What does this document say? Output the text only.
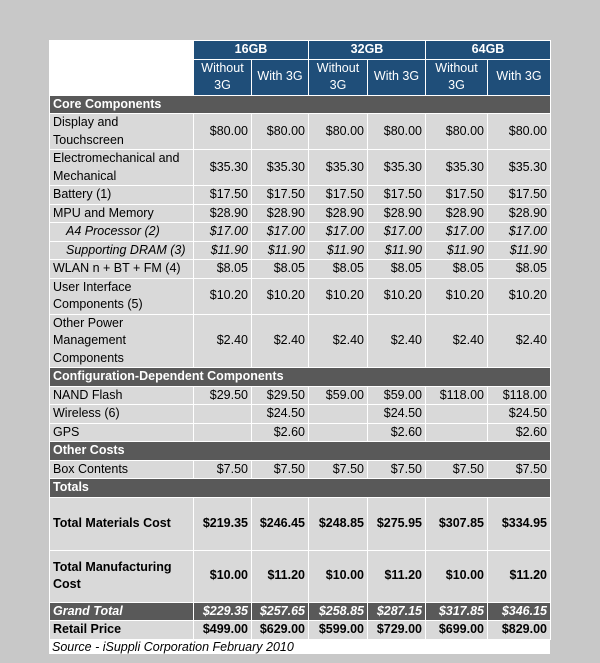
	16GB		32GB		64GB	
	Without 3G	With 3G	Without 3G	With 3G	Without 3G	With 3G
Core Components						
Display and Touchscreen	$80.00	$80.00	$80.00	$80.00	$80.00	$80.00
Electromechanical and Mechanical	$35.30	$35.30	$35.30	$35.30	$35.30	$35.30
Battery (1)	$17.50	$17.50	$17.50	$17.50	$17.50	$17.50
MPU and Memory	$28.90	$28.90	$28.90	$28.90	$28.90	$28.90
A4 Processor (2)	$17.00	$17.00	$17.00	$17.00	$17.00	$17.00
Supporting DRAM (3)	$11.90	$11.90	$11.90	$11.90	$11.90	$11.90
WLAN n + BT + FM (4)	$8.05	$8.05	$8.05	$8.05	$8.05	$8.05
User Interface Components (5)	$10.20	$10.20	$10.20	$10.20	$10.20	$10.20
Other Power Management Components	$2.40	$2.40	$2.40	$2.40	$2.40	$2.40
Configuration-Dependent Components						
NAND Flash	$29.50	$29.50	$59.00	$59.00	$118.00	$118.00
Wireless (6)		$24.50		$24.50		$24.50
GPS		$2.60		$2.60		$2.60
Other Costs						
Box Contents	$7.50	$7.50	$7.50	$7.50	$7.50	$7.50
Totals						
Total Materials Cost	$219.35	$246.45	$248.85	$275.95	$307.85	$334.95
Total Manufacturing Cost	$10.00	$11.20	$10.00	$11.20	$10.00	$11.20
Grand Total	$229.35	$257.65	$258.85	$287.15	$317.85	$346.15
Retail Price	$499.00	$629.00	$599.00	$729.00	$699.00	$829.00
Source - iSuppli Corporation February 2010
